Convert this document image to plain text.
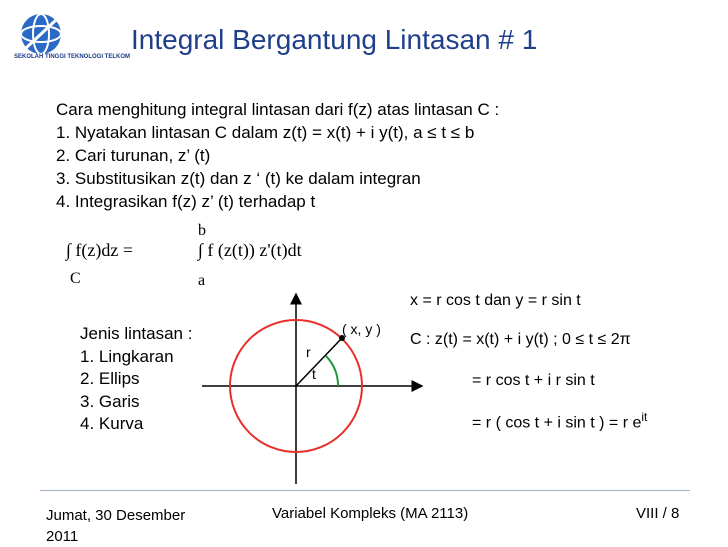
SEKOLAH TINGGI TEKNOLOGI TELKOM
Integral Bergantung Lintasan # 1
Cara menghitung integral lintasan dari f(z) atas lintasan C :
1. Nyatakan lintasan C dalam z(t) = x(t) + i y(t), a ≤ t ≤ b
2. Cari turunan, z’ (t)
3. Substitusikan z(t) dan z ‘ (t) ke dalam integran
4. Integrasikan f(z) z’ (t) terhadap t
b
∫ f(z)dz =	∫ f (z(t)) z'(t)dt
C	a
Jenis lintasan :
1. Lingkaran
2. Ellips
3. Garis
4. Kurva
( x, y )
r
t
x = r cos t dan y = r sin t
C : z(t) = x(t) + i y(t) ; 0 ≤ t ≤ 2π
= r cos t + i r sin t
= r ( cos t + i sin t ) = r $e^{it}$
Jumat, 30 Desember 2011
Variabel Kompleks (MA 2113)	VIII / 8
